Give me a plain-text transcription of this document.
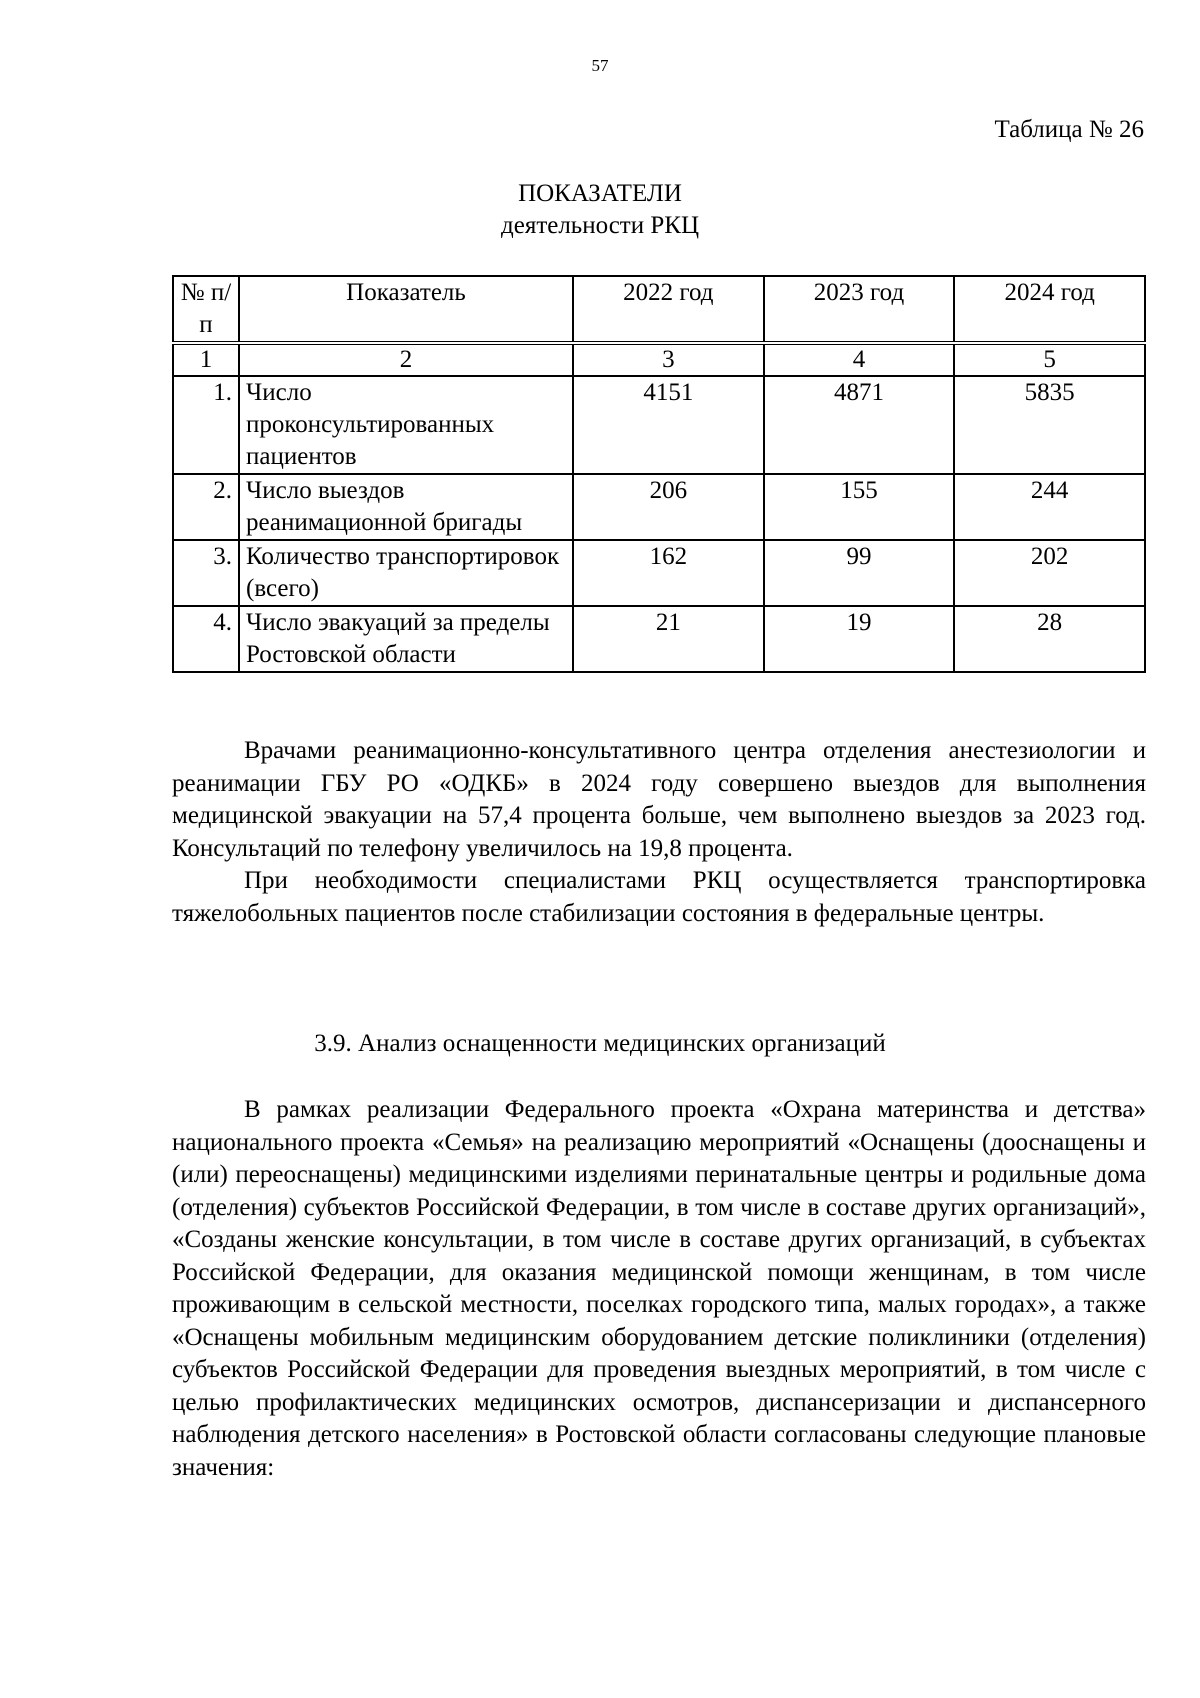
57
Таблица № 26
ПОКАЗАТЕЛИ
деятельности РКЦ
№ п/п	Показатель	2022 год	2023 год	2024 год
1	2	3	4	5
1.	Число проконсультированных пациентов	4151	4871	5835
2.	Число выездов реанимационной бригады	206	155	244
3.	Количество транспортировок (всего)	162	99	202
4.	Число эвакуаций за пределы Ростовской области	21	19	28

Врачами реанимационно-консультативного центра отделения анестезиологии и реанимации ГБУ РО «ОДКБ» в 2024 году совершено выездов для выполнения медицинской эвакуации на 57,4 процента больше, чем выполнено выездов за 2023 год. Консультаций по телефону увеличилось на 19,8 процента.

При необходимости специалистами РКЦ осуществляется транспортировка тяжелобольных пациентов после стабилизации состояния в федеральные центры.

3.9. Анализ оснащенности медицинских организаций

В рамках реализации Федерального проекта «Охрана материнства и детства» национального проекта «Семья» на реализацию мероприятий «Оснащены (дооснащены и (или) переоснащены) медицинскими изделиями перинатальные центры и родильные дома (отделения) субъектов Российской Федерации, в том числе в составе других организаций», «Созданы женские консультации, в том числе в составе других организаций, в субъектах Российской Федерации, для оказания медицинской помощи женщинам, в том числе проживающим в сельской местности, поселках городского типа, малых городах», а также «Оснащены мобильным медицинским оборудованием детские поликлиники (отделения) субъектов Российской Федерации для проведения выездных мероприятий, в том числе с целью профилактических медицинских осмотров, диспансеризации и диспансерного наблюдения детского населения» в Ростовской области согласованы следующие плановые значения:
